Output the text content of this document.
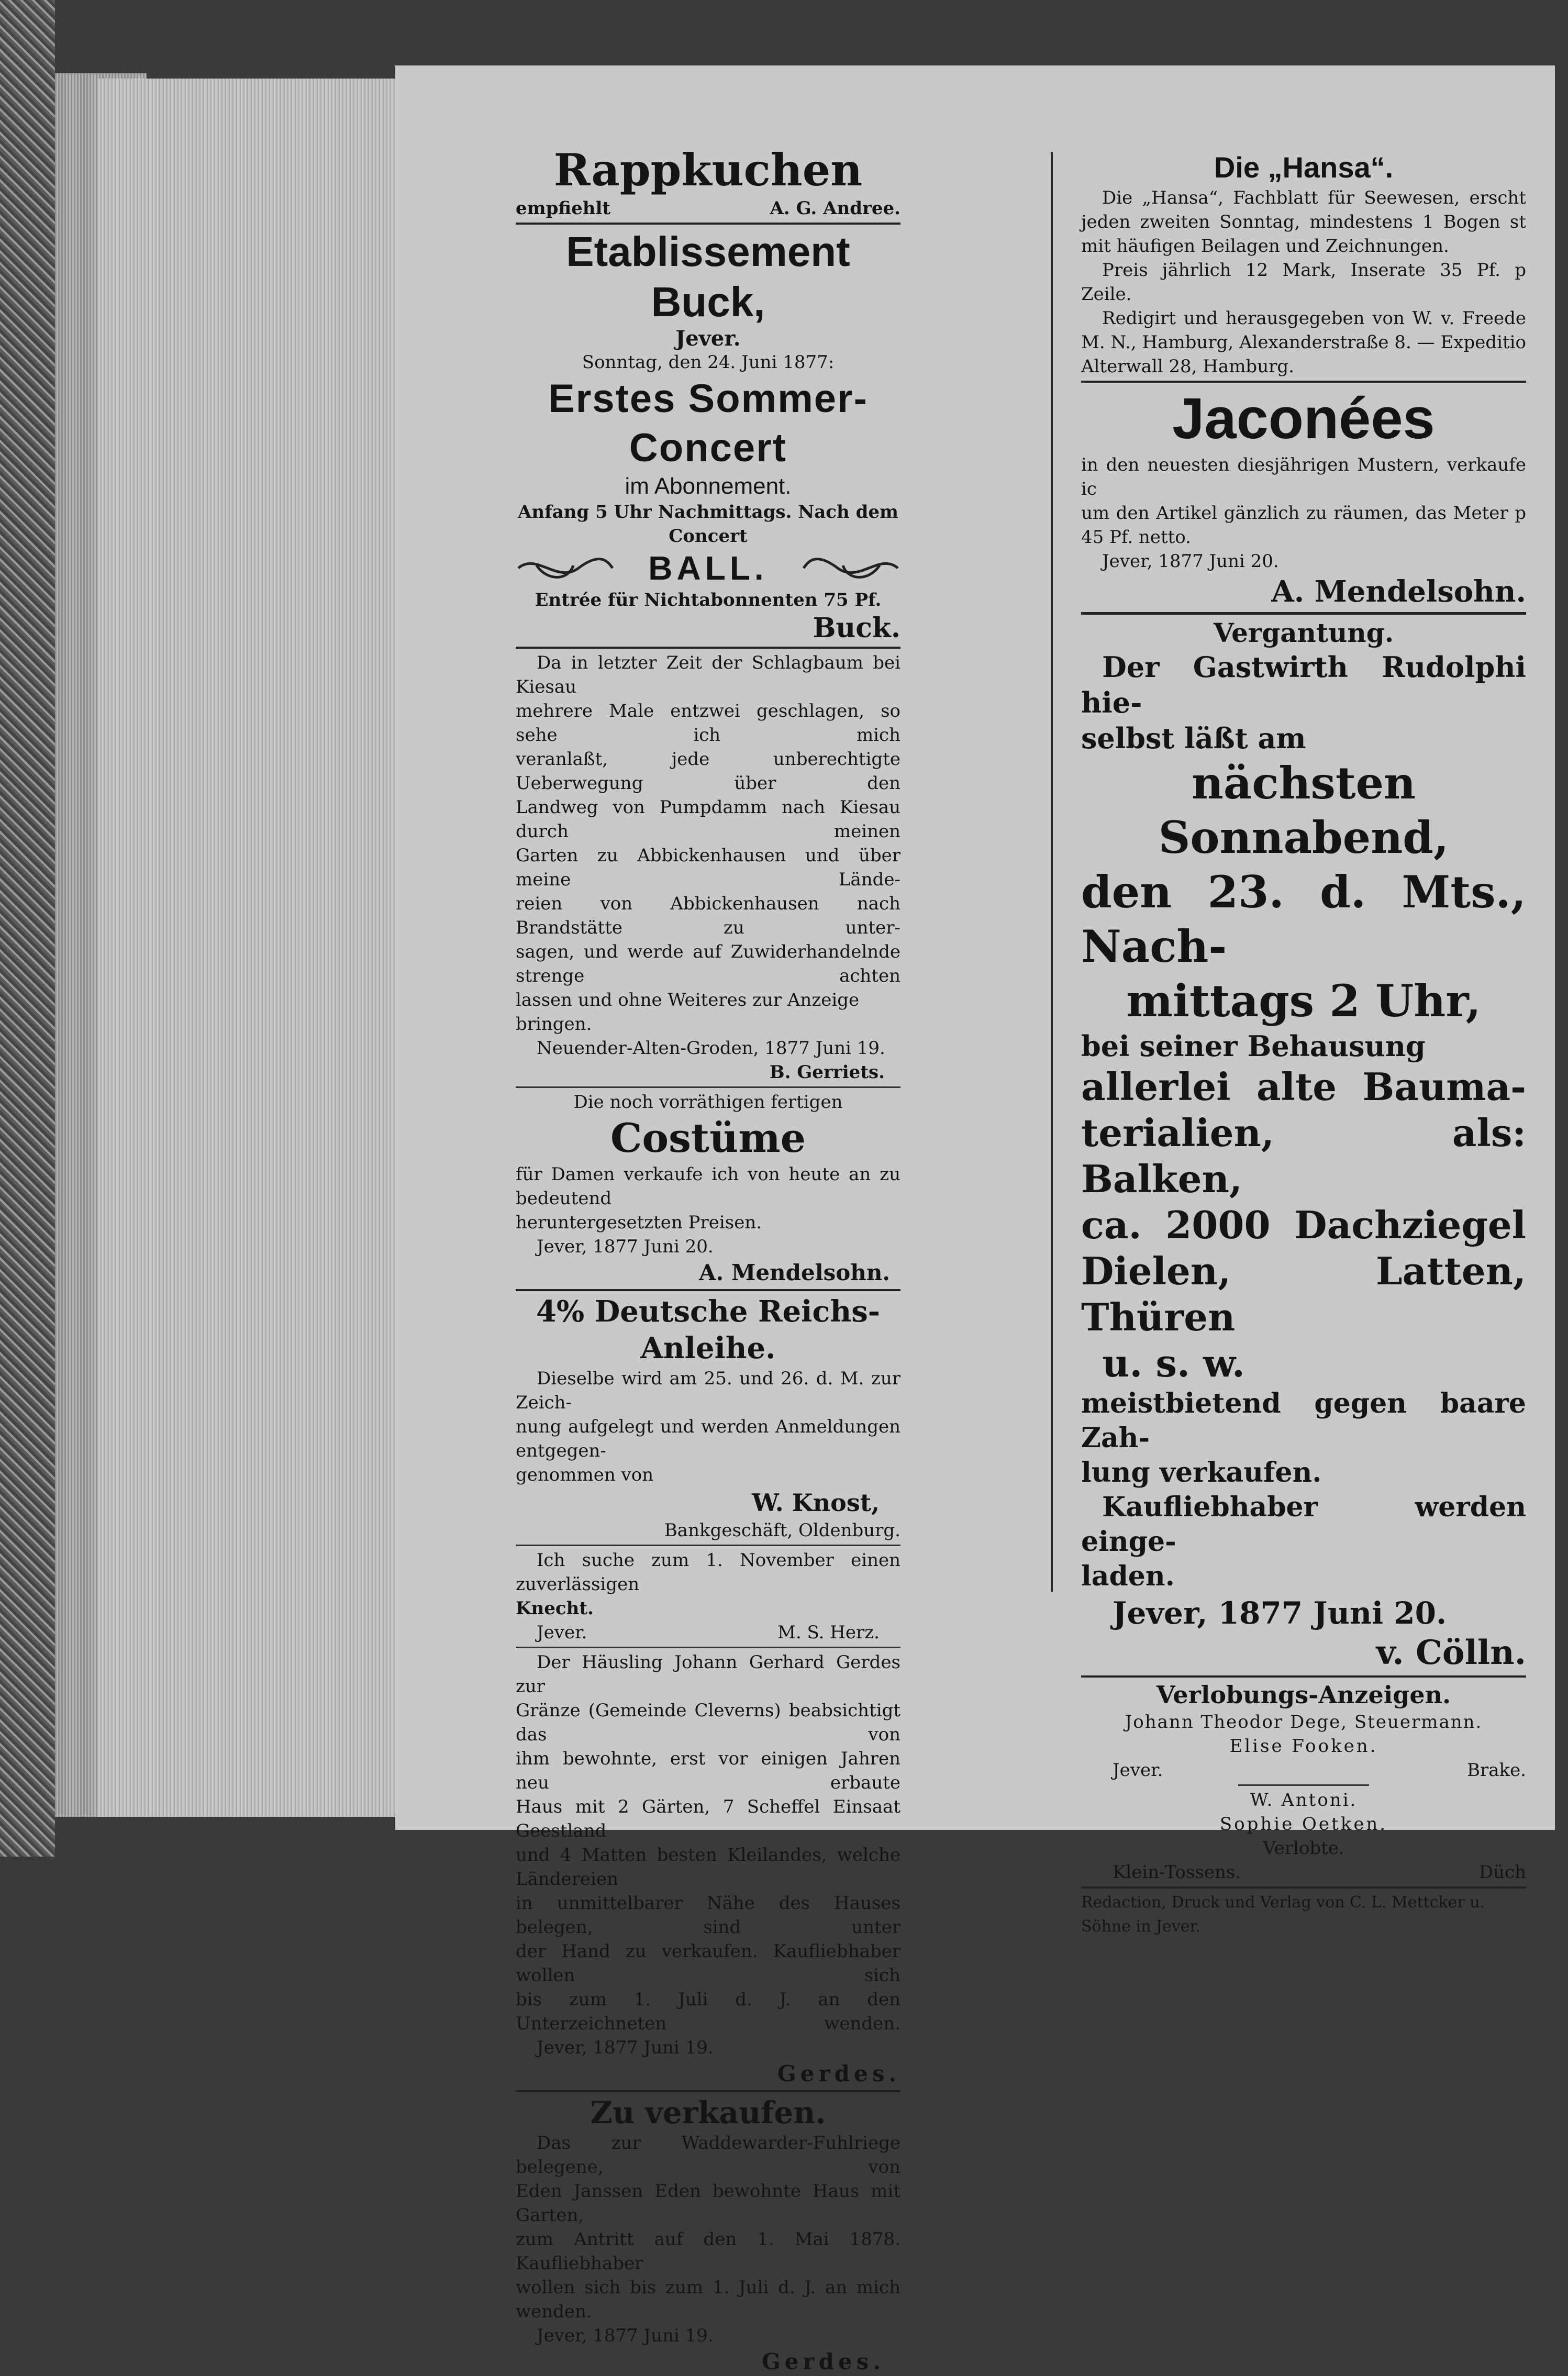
Rappkuchen

empfiehlt	A. G. Andree.

Etablissement Buck,

Jever.

Sonntag, den 24. Juni 1877:

Erstes Sommer-Concert

im Abonnement.

Anfang 5 Uhr Nachmittags. Nach dem Concert

BALL.

Entrée für Nichtabonnenten 75 Pf.

Buck.

Da in letzter Zeit der Schlagbaum bei Kiesau

mehrere Male entzwei geschlagen, so sehe ich mich

veranlaßt, jede unberechtigte Ueberwegung über den

Landweg von Pumpdamm nach Kiesau durch meinen

Garten zu Abbickenhausen und über meine Lände-

reien von Abbickenhausen nach Brandstätte zu unter-

sagen, und werde auf Zuwiderhandelnde strenge achten

lassen und ohne Weiteres zur Anzeige bringen.

Neuender-Alten-Groden, 1877 Juni 19.

B. Gerriets.

Die noch vorräthigen fertigen

Costüme

für Damen verkaufe ich von heute an zu bedeutend

heruntergesetzten Preisen.

Jever, 1877 Juni 20.

A. Mendelsohn.

4% Deutsche Reichs-Anleihe.

Dieselbe wird am 25. und 26. d. M. zur Zeich-

nung aufgelegt und werden Anmeldungen entgegen-

genommen von

W. Knost,

Bankgeschäft, Oldenburg.

Ich suche zum 1. November einen zuverlässigen

Knecht.

Jever.	M. S. Herz.

Der Häusling Johann Gerhard Gerdes zur

Gränze (Gemeinde Cleverns) beabsichtigt das von

ihm bewohnte, erst vor einigen Jahren neu erbaute

Haus mit 2 Gärten, 7 Scheffel Einsaat Geestland

und 4 Matten besten Kleilandes, welche Ländereien

in unmittelbarer Nähe des Hauses belegen, sind unter

der Hand zu verkaufen. Kaufliebhaber wollen sich

bis zum 1. Juli d. J. an den Unterzeichneten wenden.

Jever, 1877 Juni 19.

Gerdes.

Zu verkaufen.

Das zur Waddewarder-Fuhlriege belegene, von

Eden Janssen Eden bewohnte Haus mit Garten,

zum Antritt auf den 1. Mai 1878. Kaufliebhaber

wollen sich bis zum 1. Juli d. J. an mich wenden.

Jever, 1877 Juni 19.

Gerdes.

Die „Hansa“.

Die „Hansa“, Fachblatt für Seewesen, erscht

jeden zweiten Sonntag, mindestens 1 Bogen st

mit häufigen Beilagen und Zeichnungen.

Preis jährlich 12 Mark, Inserate 35 Pf. p

Zeile.

Redigirt und herausgegeben von W. v. Freede

M. N., Hamburg, Alexanderstraße 8. — Expeditio

Alterwall 28, Hamburg.

Jaconées

in den neuesten diesjährigen Mustern, verkaufe ic

um den Artikel gänzlich zu räumen, das Meter p

45 Pf. netto.

Jever, 1877 Juni 20.

A. Mendelsohn.

Vergantung.

Der Gastwirth Rudolphi hie-

selbst läßt am

nächsten Sonnabend,

den 23. d. Mts., Nach-

mittags 2 Uhr,

bei seiner Behausung

allerlei alte Bauma-

terialien, als: Balken,

ca. 2000 Dachziegel

Dielen, Latten, Thüren

u. s. w.

meistbietend gegen baare Zah-

lung verkaufen.

Kaufliebhaber werden einge-

laden.

Jever, 1877 Juni 20.

v. Cölln.

Verlobungs-Anzeigen.

Johann Theodor Dege, Steuermann.

Elise Fooken.

Jever.	Brake.

W. Antoni.

Sophie Oetken.

Verlobte.

Klein-Tossens.	Düch

Redaction, Druck und Verlag von C. L. Mettcker u. Söhne in Jever.
